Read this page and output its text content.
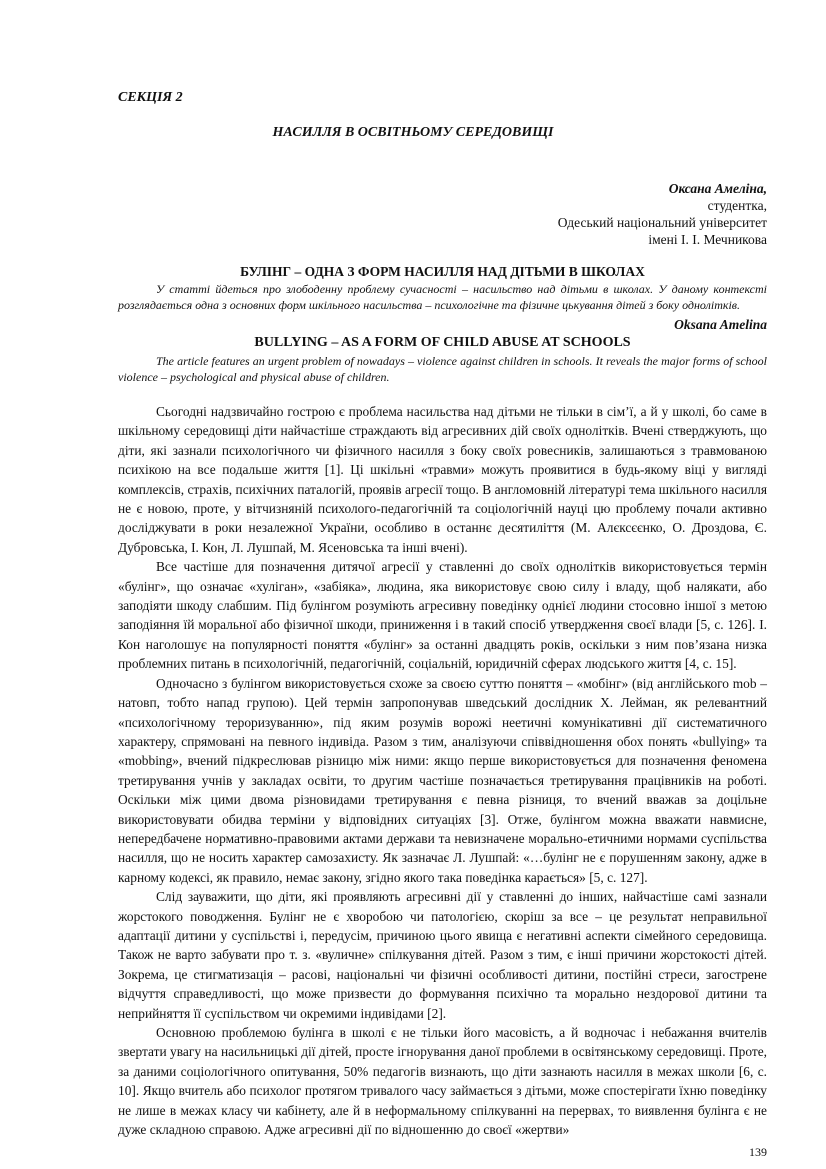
СЕКЦІЯ 2
НАСИЛЛЯ В ОСВІТНЬОМУ СЕРЕДОВИЩІ
Оксана Амеліна,
студентка,
Одеський національний університет
імені І. І. Мечникова
БУЛІНГ – ОДНА З ФОРМ НАСИЛЛЯ НАД ДІТЬМИ В ШКОЛАХ
У статті йдеться про злободенну проблему сучасності – насильство над дітьми в школах. У даному контексті розглядається одна з основних форм шкільного насильства – психологічне та фізичне цькування дітей з боку однолітків.
Oksana Amelina
BULLYING – AS A FORM OF CHILD ABUSE AT SCHOOLS
The article features an urgent problem of nowadays – violence against children in schools. It reveals the major forms of school violence – psychological and physical abuse of children.

Сьогодні надзвичайно гострою є проблема насильства над дітьми не тільки в сім’ї, а й у школі, бо саме в шкільному середовищі діти найчастіше страждають від агресивних дій своїх однолітків. Вчені стверджують, що діти, які зазнали психологічного чи фізичного насилля з боку своїх ровесників, залишаються з травмованою психікою на все подальше життя [1]. Ці шкільні «травми» можуть проявитися в будь-якому віці у вигляді комплексів, страхів, психічних паталогій, проявів агресії тощо. В англомовній літературі тема шкільного насилля не є новою, проте, у вітчизняній психолого-педагогічній та соціологічній науці цю проблему почали активно досліджувати в роки незалежної України, особливо в останнє десятиліття (М. Алєксєєнко, О. Дроздова, Є. Дубровська, І. Кон, Л. Лушпай, М. Ясеновська та інші вчені).

Все частіше для позначення дитячої агресії у ставленні до своїх однолітків використовується термін «булінг», що означає «хуліган», «забіяка», людина, яка використовує свою силу і владу, щоб налякати, або заподіяти шкоду слабшим. Під булінгом розуміють агресивну поведінку однієї людини стосовно іншої з метою заподіяння їй моральної або фізичної шкоди, приниження і в такий спосіб утвердження своєї влади [5, с. 126]. І. Кон наголошує на популярності поняття «булінг» за останні двадцять років, оскільки з ним пов’язана низка проблемних питань в психологічній, педагогічній, соціальній, юридичній сферах людського життя [4, с. 15].

Одночасно з булінгом використовується схоже за своєю суттю поняття – «мобінг» (від англійського mob – натовп, тобто напад групою). Цей термін запропонував шведський дослідник Х. Лейман, як релевантний «психологічному тероризуванню», під яким розумів ворожі неетичні комунікативні дії систематичного характеру, спрямовані на певного індивіда. Разом з тим, аналізуючи співвідношення обох понять «bullying» та «mobbing», вчений підкреслював різницю між ними: якщо перше використовується для позначення феномена третирування учнів у закладах освіти, то другим частіше позначається третирування працівників на роботі. Оскільки між цими двома різновидами третирування є певна різниця, то вчений вважав за доцільне використовувати обидва терміни у відповідних ситуаціях [3]. Отже, булінгом можна вважати навмисне, непередбачене нормативно-правовими актами держави та невизначене морально-етичними нормами суспільства насилля, що не носить характер самозахисту. Як зазначає Л. Лушпай: «…булінг не є порушенням закону, адже в карному кодексі, як правило, немає закону, згідно якого така поведінка карається» [5, с. 127].

Слід зауважити, що діти, які проявляють агресивні дії у ставленні до інших, найчастіше самі зазнали жорстокого поводження. Булінг не є хворобою чи патологією, скоріш за все – це результат неправильної адаптації дитини у суспільстві і, передусім, причиною цього явища є негативні аспекти сімейного середовища. Також не варто забувати про т. з. «вуличне» спілкування дітей. Разом з тим, є інші причини жорстокості дітей. Зокрема, це стигматизація – расові, національні чи фізичні особливості дитини, постійні стреси, загострене відчуття справедливості, що може призвести до формування психічно та морально нездорової дитини та неприйняття її суспільством чи окремими індивідами [2].

Основною проблемою булінга в школі є не тільки його масовість, а й водночас і небажання вчителів звертати увагу на насильницькі дії дітей, просте ігнорування даної проблеми в освітянському середовищі. Проте, за даними соціологічного опитування, 50% педагогів визнають, що діти зазнають насилля в межах школи [6, с. 10]. Якщо вчитель або психолог протягом тривалого часу займається з дітьми, може спостерігати їхню поведінку не лише в межах класу чи кабінету, але й в неформальному спілкуванні на перервах, то виявлення булінга є не дуже складною справою. Адже агресивні дії по відношенню до своєї «жертви»

139
